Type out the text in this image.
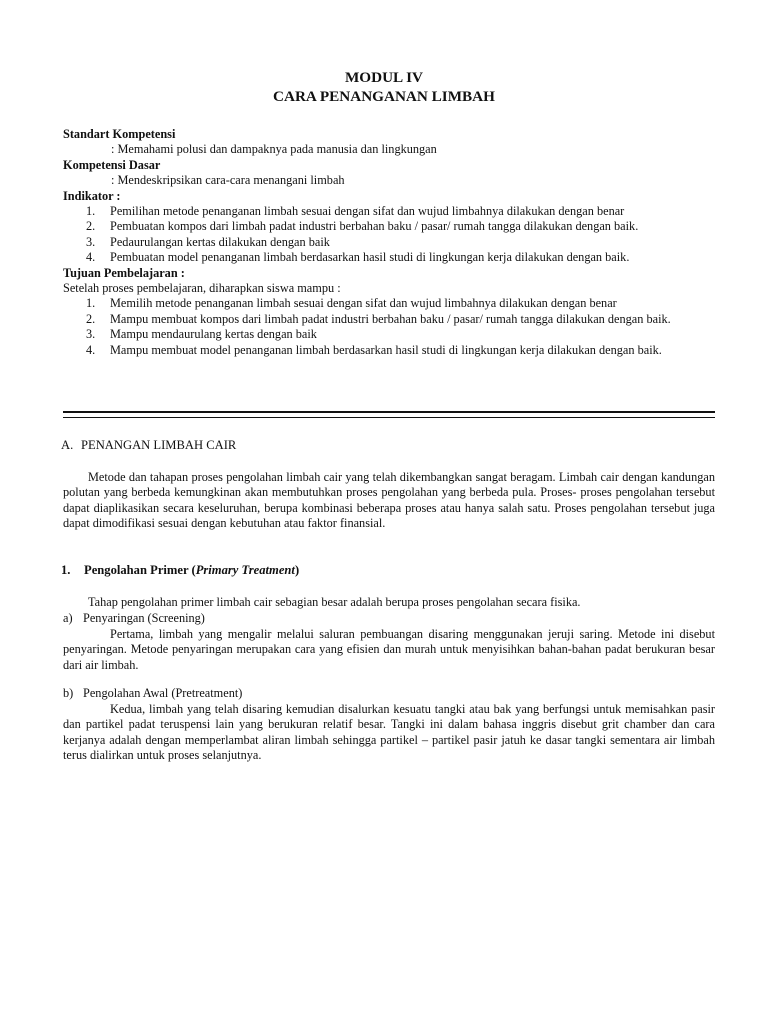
MODUL IV
CARA PENANGANAN LIMBAH
Standart Kompetensi
: Memahami polusi dan dampaknya pada manusia dan lingkungan
Kompetensi Dasar
: Mendeskripsikan cara-cara menangani limbah
Indikator :
1. Pemilihan metode penanganan limbah sesuai dengan sifat dan wujud limbahnya dilakukan dengan benar
2. Pembuatan kompos dari limbah padat industri berbahan baku / pasar/ rumah tangga dilakukan dengan baik.
3. Pedaurulangan kertas dilakukan dengan baik
4. Pembuatan model penanganan limbah berdasarkan hasil studi di lingkungan kerja dilakukan dengan baik.
Tujuan Pembelajaran :
Setelah proses pembelajaran, diharapkan siswa mampu :
1. Memilih metode penanganan limbah sesuai dengan sifat dan wujud limbahnya dilakukan dengan benar
2. Mampu membuat kompos dari limbah padat industri berbahan baku / pasar/ rumah tangga dilakukan dengan baik.
3. Mampu mendaurulang kertas dengan baik
4. Mampu membuat model penanganan limbah berdasarkan hasil studi di lingkungan kerja dilakukan dengan baik.
A. PENANGAN LIMBAH CAIR
Metode dan tahapan proses pengolahan limbah cair yang telah dikembangkan sangat beragam. Limbah cair dengan kandungan polutan yang berbeda kemungkinan akan membutuhkan proses pengolahan yang berbeda pula. Proses- proses pengolahan tersebut dapat diaplikasikan secara keseluruhan, berupa kombinasi beberapa proses atau hanya salah satu. Proses pengolahan tersebut juga dapat dimodifikasi sesuai dengan kebutuhan atau faktor finansial.
1. Pengolahan Primer (Primary Treatment)
Tahap pengolahan primer limbah cair sebagian besar adalah berupa proses pengolahan secara fisika.
a) Penyaringan (Screening)
Pertama, limbah yang mengalir melalui saluran pembuangan disaring menggunakan jeruji saring. Metode ini disebut penyaringan. Metode penyaringan merupakan cara yang efisien dan murah untuk menyisihkan bahan-bahan padat berukuran besar dari air limbah.
b) Pengolahan Awal (Pretreatment)
Kedua, limbah yang telah disaring kemudian disalurkan kesuatu tangki atau bak yang berfungsi untuk memisahkan pasir dan partikel padat teruspensi lain yang berukuran relatif besar. Tangki ini dalam bahasa inggris disebut grit chamber dan cara kerjanya adalah dengan memperlambat aliran limbah sehingga partikel – partikel pasir jatuh ke dasar tangki sementara air limbah terus dialirkan untuk proses selanjutnya.
